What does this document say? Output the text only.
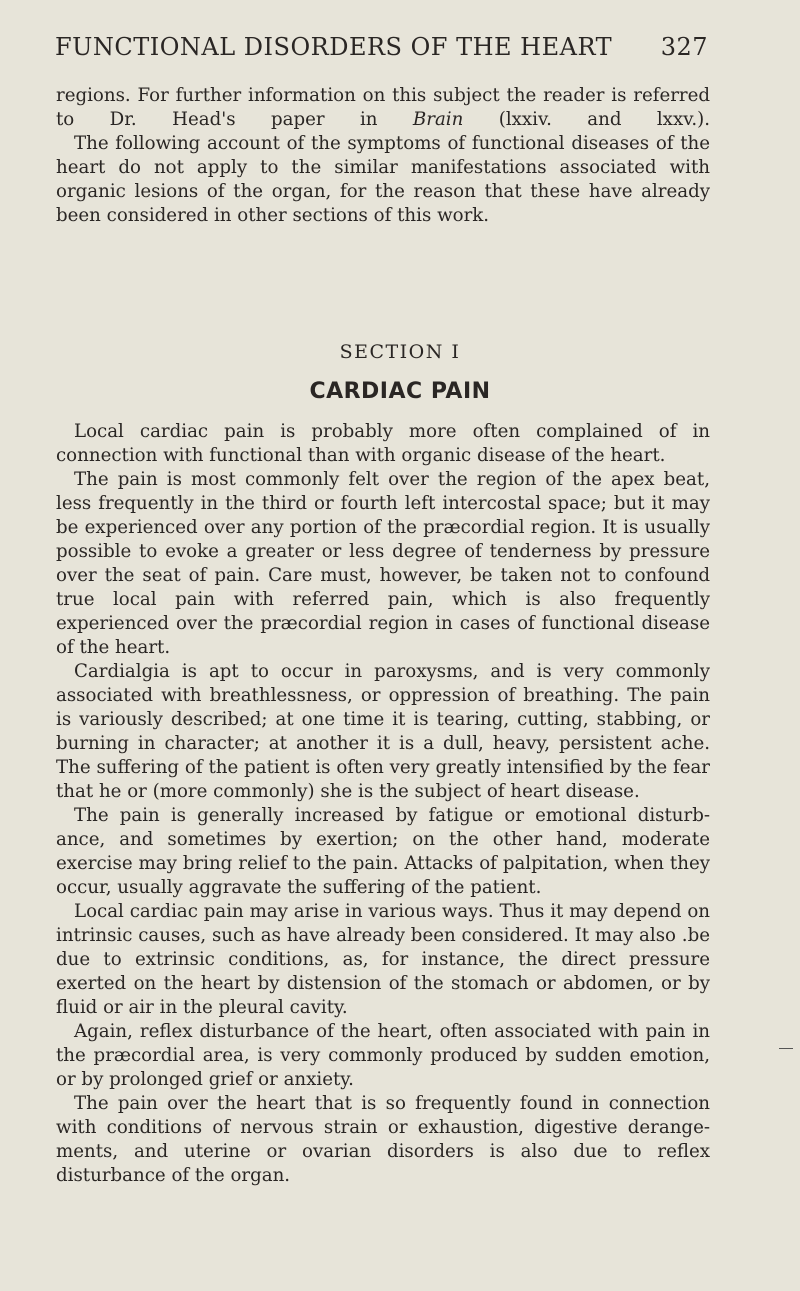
FUNCTIONAL DISORDERS OF THE HEART 327

regions. For further information on this subject the reader is referred to Dr. Head's paper in Brain (lxxiv. and lxxv.).

The following account of the symptoms of functional diseases of the heart do not apply to the similar manifestations associated with organic lesions of the organ, for the reason that these have already been considered in other sections of this work.

SECTION I
CARDIAC PAIN

Local cardiac pain is probably more often complained of in connection with functional than with organic disease of the heart.

The pain is most commonly felt over the region of the apex beat, less frequently in the third or fourth left intercostal space; but it may be experienced over any portion of the præcordial region. It is usually possible to evoke a greater or less degree of tenderness by pressure over the seat of pain. Care must, however, be taken not to confound true local pain with referred pain, which is also frequently experienced over the præcordial region in cases of functional disease of the heart.

Cardialgia is apt to occur in paroxysms, and is very commonly associated with breathlessness, or oppression of breathing. The pain is variously described; at one time it is tearing, cutting, stabbing, or burning in character; at another it is a dull, heavy, persistent ache. The suffering of the patient is often very greatly intensified by the fear that he or (more commonly) she is the subject of heart disease.

The pain is generally increased by fatigue or emotional disturb-ance, and sometimes by exertion; on the other hand, moderate exercise may bring relief to the pain. Attacks of palpitation, when they occur, usually aggravate the suffering of the patient.

Local cardiac pain may arise in various ways. Thus it may depend on intrinsic causes, such as have already been considered. It may also .be due to extrinsic conditions, as, for instance, the direct pressure exerted on the heart by distension of the stomach or abdomen, or by fluid or air in the pleural cavity.

Again, reflex disturbance of the heart, often associated with pain in the præcordial area, is very commonly produced by sudden emotion, or by prolonged grief or anxiety.

The pain over the heart that is so frequently found in connection with conditions of nervous strain or exhaustion, digestive derange-ments, and uterine or ovarian disorders is also due to reflex disturbance of the organ.
